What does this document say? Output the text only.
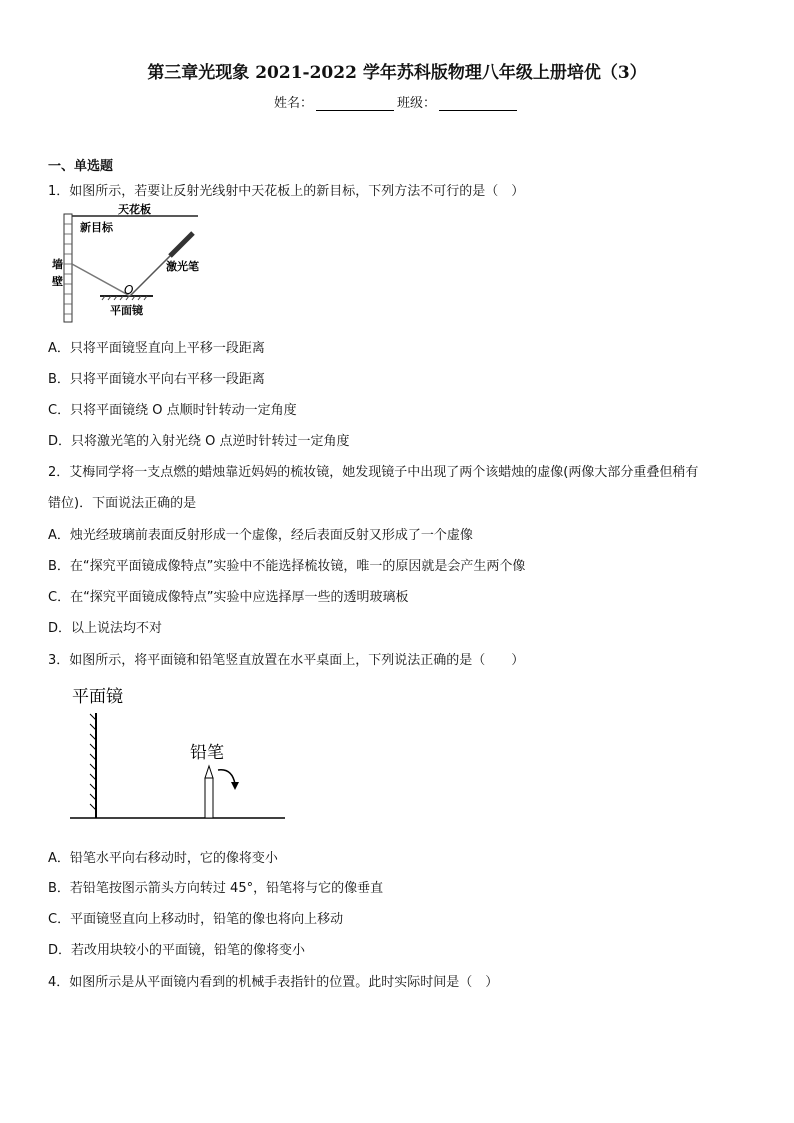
第三章光现象 2021-2022 学年苏科版物理八年级上册培优（3）
姓名：	班级：
一、单选题
1．如图所示，若要让反射光线射中天花板上的新目标，下列方法不可行的是（　）
天花板
新目标
墙
壁
O
激光笔
平面镜
A．只将平面镜竖直向上平移一段距离
B．只将平面镜水平向右平移一段距离
C．只将平面镜绕 O 点顺时针转动一定角度
D．只将激光笔的入射光绕 O 点逆时针转过一定角度
2．艾梅同学将一支点燃的蜡烛靠近妈妈的梳妆镜，她发现镜子中出现了两个该蜡烛的虚像(两像大部分重叠但稍有
错位)．下面说法正确的是
A．烛光经玻璃前表面反射形成一个虚像，经后表面反射又形成了一个虚像
B．在“探究平面镜成像特点”实验中不能选择梳妆镜，唯一的原因就是会产生两个像
C．在“探究平面镜成像特点”实验中应选择厚一些的透明玻璃板
D．以上说法均不对
3．如图所示，将平面镜和铅笔竖直放置在水平桌面上，下列说法正确的是（　　）
平面镜
铅笔
A．铅笔水平向右移动时，它的像将变小
B．若铅笔按图示箭头方向转过 45°，铅笔将与它的像垂直
C．平面镜竖直向上移动时，铅笔的像也将向上移动
D．若改用块较小的平面镜，铅笔的像将变小
4．如图所示是从平面镜内看到的机械手表指针的位置。此时实际时间是（　）
